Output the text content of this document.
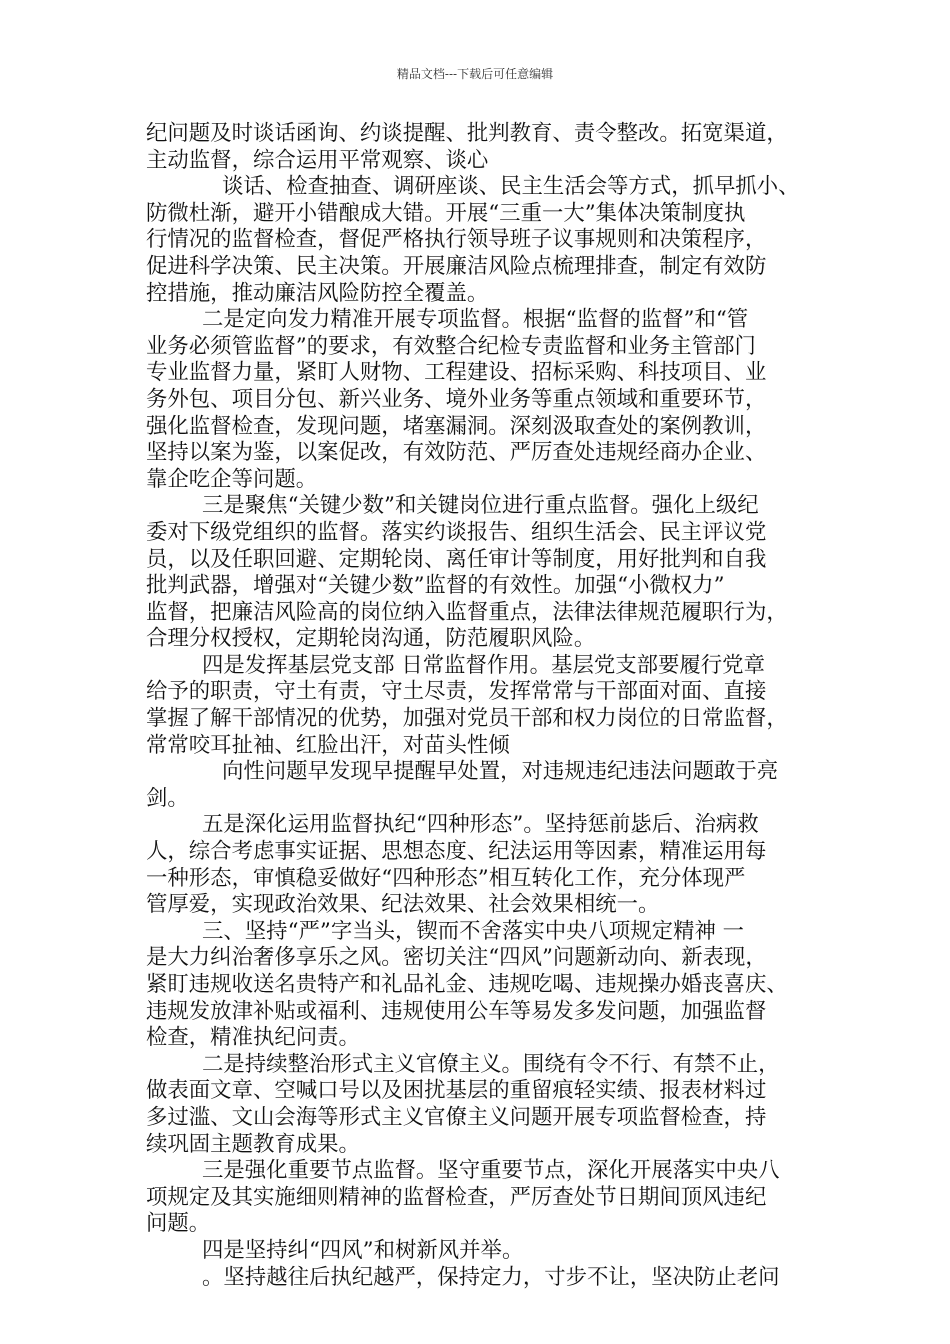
精品文档---下载后可任意编辑
纪问题及时谈话函询、约谈提醒、批判教育、责令整改。拓宽渠道，
主动监督，综合运用平常观察、谈心
谈话、检查抽查、调研座谈、民主生活会等方式，抓早抓小、
防微杜渐，避开小错酿成大错。开展“三重一大”集体决策制度执
行情况的监督检查，督促严格执行领导班子议事规则和决策程序，
促进科学决策、民主决策。开展廉洁风险点梳理排查，制定有效防
控措施，推动廉洁风险防控全覆盖。
二是定向发力精准开展专项监督。根据“监督的监督”和“管
业务必须管监督”的要求，有效整合纪检专责监督和业务主管部门
专业监督力量，紧盯人财物、工程建设、招标采购、科技项目、业
务外包、项目分包、新兴业务、境外业务等重点领域和重要环节，
强化监督检查，发现问题，堵塞漏洞。深刻汲取查处的案例教训，
坚持以案为鉴，以案促改，有效防范、严厉查处违规经商办企业、
靠企吃企等问题。
三是聚焦“关键少数”和关键岗位进行重点监督。强化上级纪
委对下级党组织的监督。落实约谈报告、组织生活会、民主评议党
员，以及任职回避、定期轮岗、离任审计等制度，用好批判和自我
批判武器，增强对“关键少数”监督的有效性。加强“小微权力”
监督，把廉洁风险高的岗位纳入监督重点，法律法律规范履职行为，
合理分权授权，定期轮岗沟通，防范履职风险。
四是发挥基层党支部 日常监督作用。基层党支部要履行党章
给予的职责，守土有责，守土尽责，发挥常常与干部面对面、直接
掌握了解干部情况的优势，加强对党员干部和权力岗位的日常监督，
常常咬耳扯袖、红脸出汗，对苗头性倾
向性问题早发现早提醒早处置，对违规违纪违法问题敢于亮
剑。
五是深化运用监督执纪“四种形态”。坚持惩前毖后、治病救
人，综合考虑事实证据、思想态度、纪法运用等因素，精准运用每
一种形态，审慎稳妥做好“四种形态”相互转化工作，充分体现严
管厚爱，实现政治效果、纪法效果、社会效果相统一。
三、坚持“严”字当头，锲而不舍落实中央八项规定精神 一
是大力纠治奢侈享乐之风。密切关注“四风”问题新动向、新表现，
紧盯违规收送名贵特产和礼品礼金、违规吃喝、违规操办婚丧喜庆、
违规发放津补贴或福利、违规使用公车等易发多发问题，加强监督
检查，精准执纪问责。
二是持续整治形式主义官僚主义。围绕有令不行、有禁不止，
做表面文章、空喊口号以及困扰基层的重留痕轻实绩、报表材料过
多过滥、文山会海等形式主义官僚主义问题开展专项监督检查，持
续巩固主题教育成果。
三是强化重要节点监督。坚守重要节点，深化开展落实中央八
项规定及其实施细则精神的监督检查，严厉查处节日期间顶风违纪
问题。
四是坚持纠“四风”和树新风并举。
。坚持越往后执纪越严，保持定力，寸步不让，坚决防止老问
